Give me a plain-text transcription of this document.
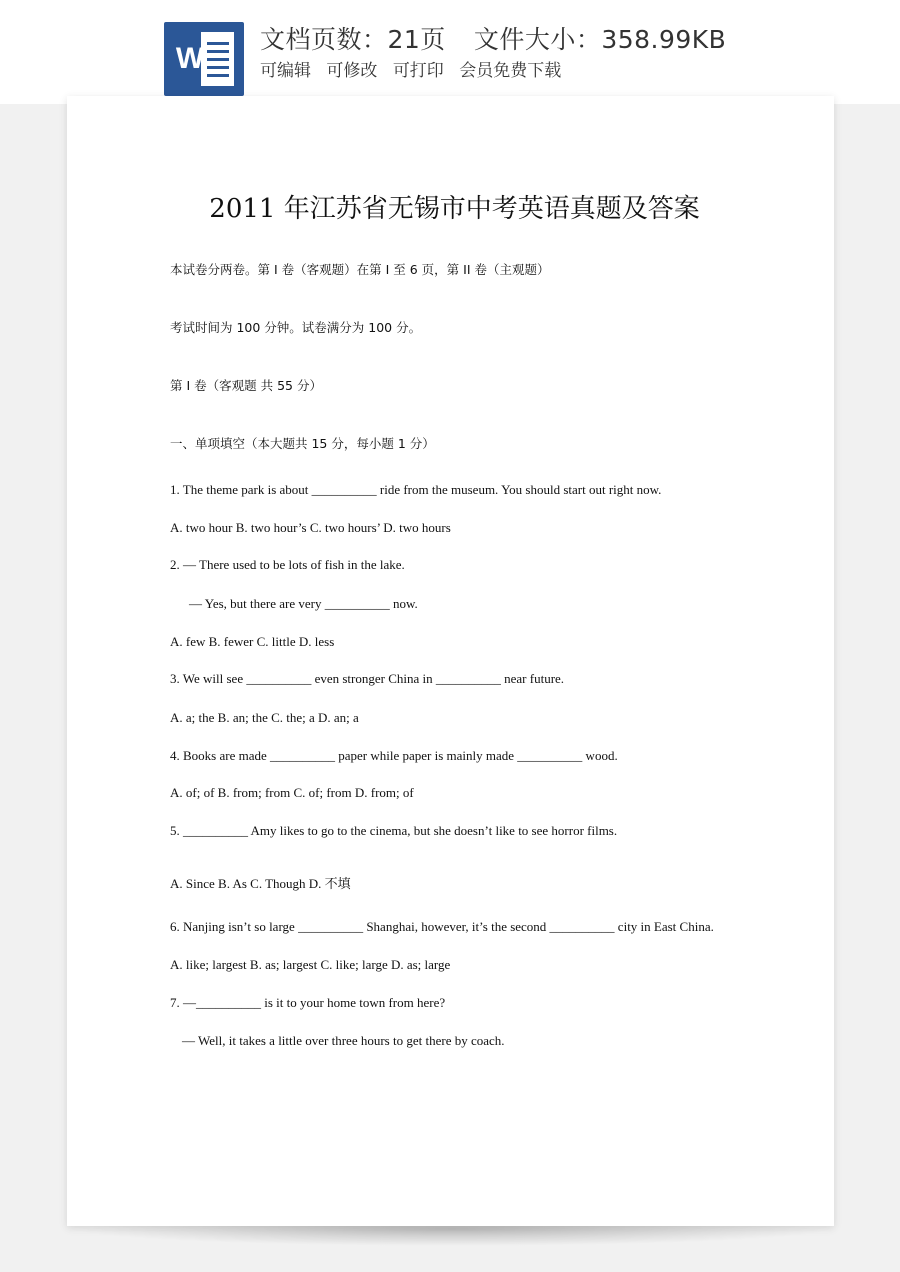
W
文档页数：21页 文件大小：358.99KB
可编辑 可修改 可打印 会员免费下载
2011 年江苏省无锡市中考英语真题及答案
本试卷分两卷。第 I 卷（客观题）在第 I 至 6 页，第 II 卷（主观题）
考试时间为 100 分钟。试卷满分为 100 分。
第 I 卷（客观题 共 55 分）
一、单项填空（本大题共 15 分，每小题 1 分）
1. The theme park is about __________ ride from the museum. You should start out right now.
A. two hour B. two hour’s C. two hours’ D. two hours
2. — There used to be lots of fish in the lake.
— Yes, but there are very __________ now.
A. few B. fewer C. little D. less
3. We will see __________ even stronger China in __________ near future.
A. a; the B. an; the C. the; a D. an; a
4. Books are made __________ paper while paper is mainly made __________ wood.
A. of; of B. from; from C. of; from D. from; of
5. __________ Amy likes to go to the cinema, but she doesn’t like to see horror films.
A. Since B. As C. Though D. 不填
6. Nanjing isn’t so large __________ Shanghai, however, it’s the second __________ city in East China.
A. like; largest B. as; largest C. like; large D. as; large
7. —__________ is it to your home town from here?
— Well, it takes a little over three hours to get there by coach.
